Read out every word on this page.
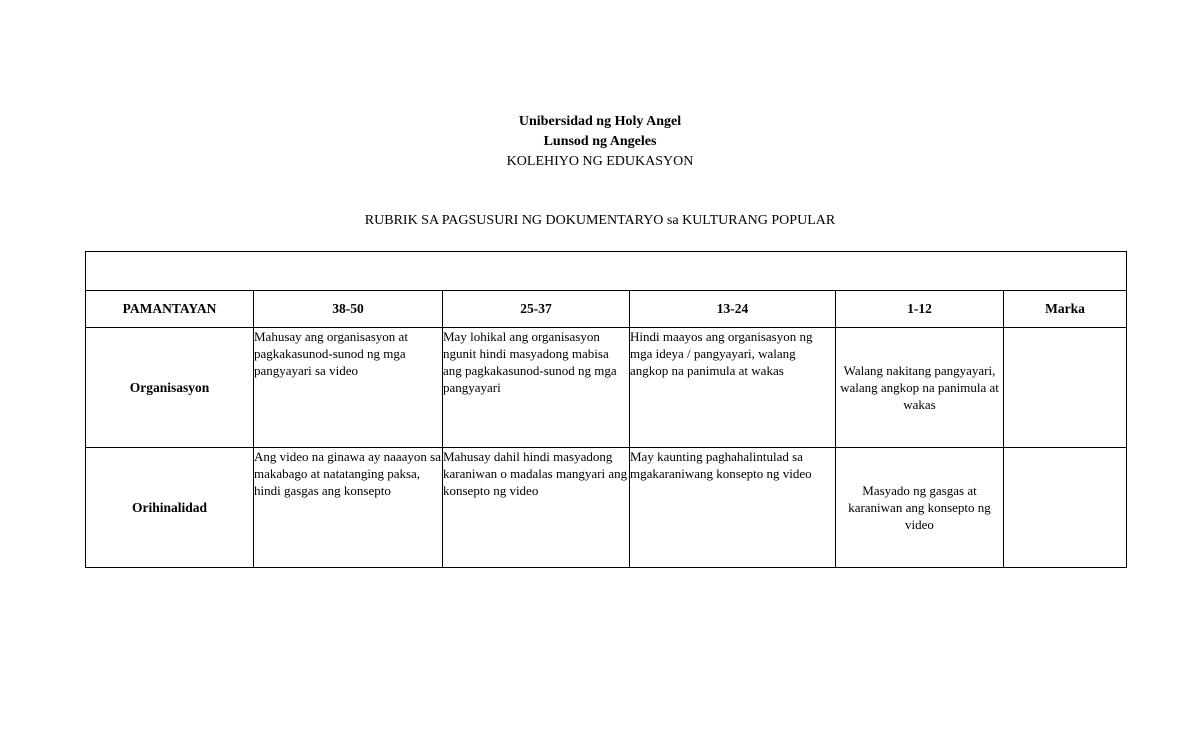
Unibersidad ng Holy Angel
Lunsod ng Angeles
KOLEHIYO NG EDUKASYON
RUBRIK SA PAGSUSURI NG DOKUMENTARYO sa KULTURANG POPULAR

PAMANTAYAN	38-50	25-37	13-24	1-12	Marka
Organisasyon	Mahusay ang organisasyon at pagkakasunod-sunod ng mga pangyayari sa video	May lohikal ang organisasyon ngunit hindi masyadong mabisa ang pagkakasunod-sunod ng mga pangyayari	Hindi maayos ang organisasyon ng mga ideya / pangyayari, walang angkop na panimula at wakas	Walang nakitang pangyayari, walang angkop na panimula at wakas	
Orihinalidad	Ang video na ginawa ay naaayon sa makabago at natatanging paksa, hindi gasgas ang konsepto	Mahusay dahil hindi masyadong karaniwan o madalas mangyari ang konsepto ng video	May kaunting paghahalintulad sa mgakaraniwang konsepto ng video	Masyado ng gasgas at karaniwan ang konsepto ng video	
